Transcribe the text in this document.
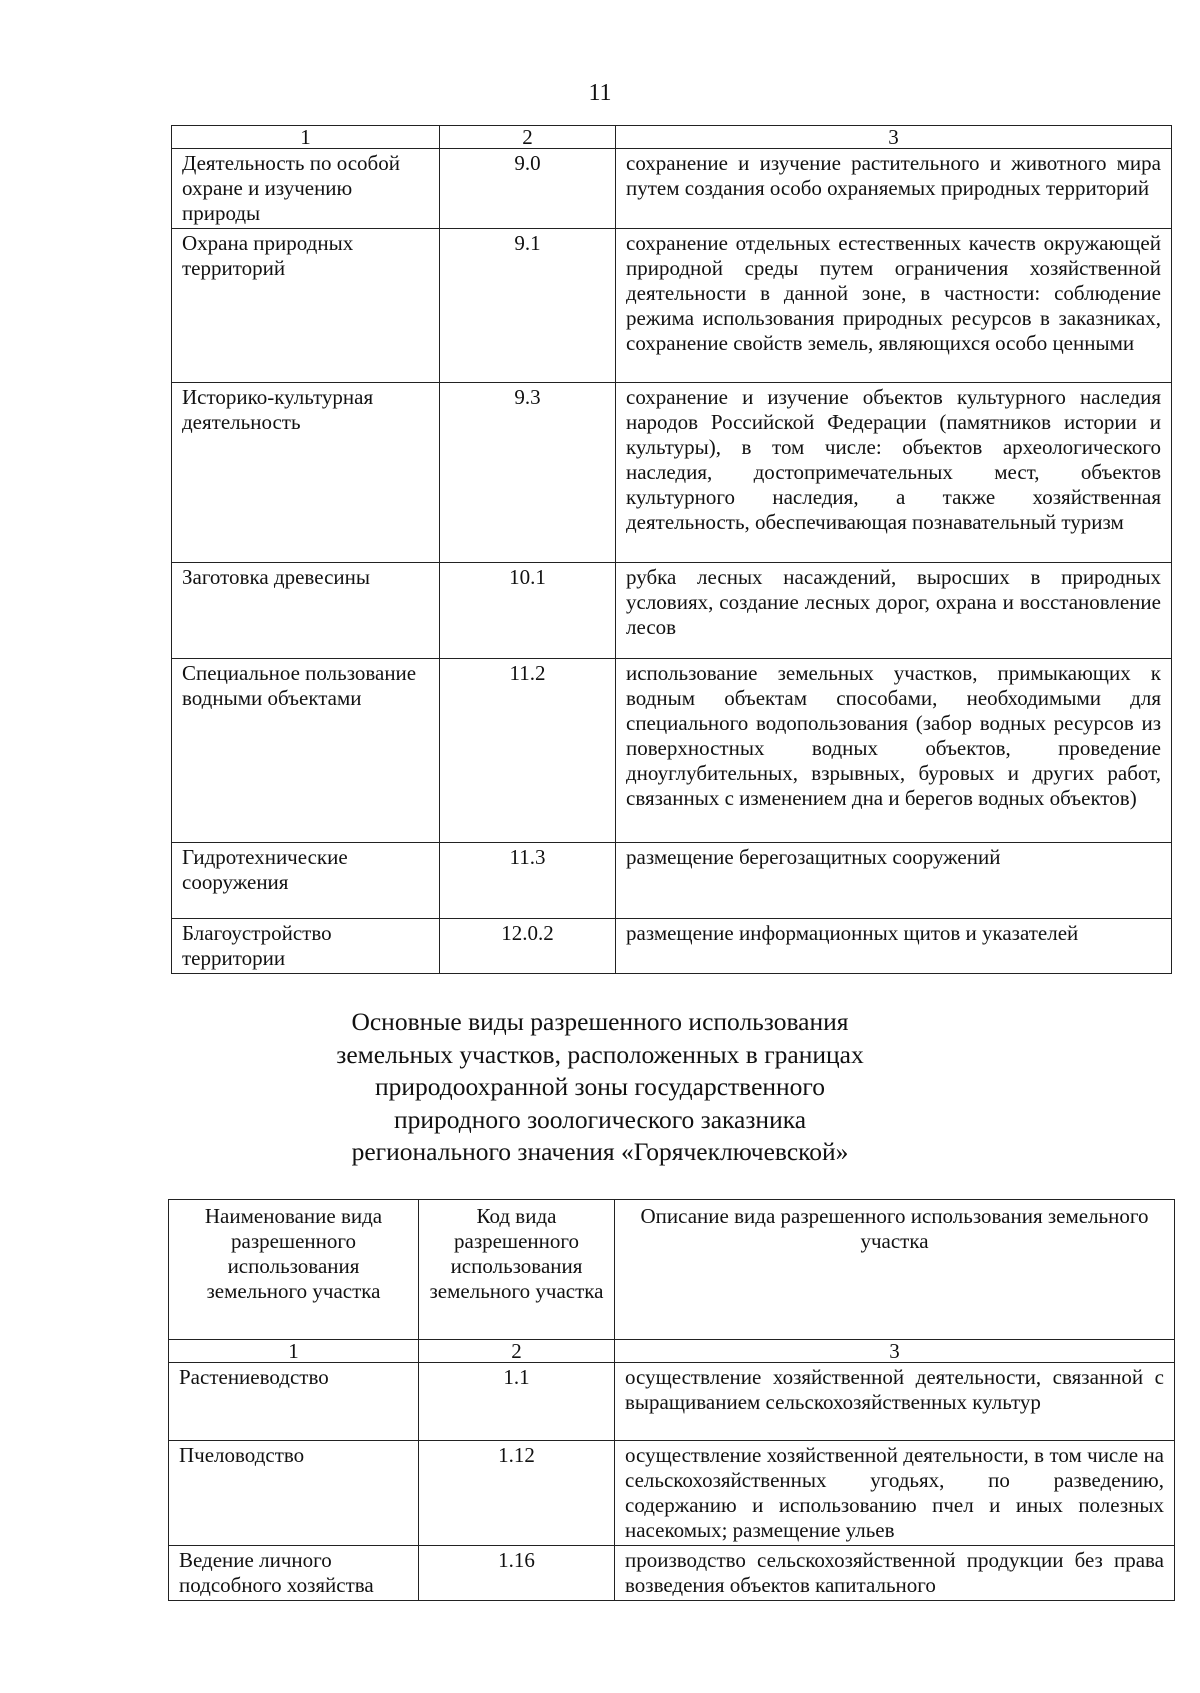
11
1	2	3
Деятельность по особой охране и изучению природы	9.0	сохранение и изучение растительного и животного мира путем создания особо охраняемых природных территорий
Охрана природных территорий	9.1	сохранение отдельных естественных качеств окружающей природной среды путем ограничения хозяйственной деятельности в данной зоне, в частности: соблюдение режима использования природных ресурсов в заказниках, сохранение свойств земель, являющихся особо ценными
Историко-культурная деятельность	9.3	сохранение и изучение объектов культурного наследия народов Российской Федерации (памятников истории и культуры), в том числе: объектов археологического наследия, достопримечательных мест, объектов культурного наследия, а также хозяйственная деятельность, обеспечивающая познавательный туризм
Заготовка древесины	10.1	рубка лесных насаждений, выросших в природных условиях, создание лесных дорог, охрана и восстановление лесов
Специальное пользование водными объектами	11.2	использование земельных участков, примыкающих к водным объектам способами, необходимыми для специального водопользования (забор водных ресурсов из поверхностных водных объектов, проведение дноуглубительных, взрывных, буровых и других работ, связанных с изменением дна и берегов водных объектов)
Гидротехнические сооружения	11.3	размещение берегозащитных сооружений
Благоустройство территории	12.0.2	размещение информационных щитов и указателей
Основные виды разрешенного использования
земельных участков, расположенных в границах
природоохранной зоны государственного
природного зоологического заказника
регионального значения «Горячеключевской»
Наименование вида разрешенного использования земельного участка	Код вида разрешенного использования земельного участка	Описание вида разрешенного использования земельного участка
1	2	3
Растениеводство	1.1	осуществление хозяйственной деятельности, связанной с выращиванием сельскохозяйственных культур
Пчеловодство	1.12	осуществление хозяйственной деятельности, в том числе на сельскохозяйственных угодьях, по разведению, содержанию и использованию пчел и иных полезных насекомых; размещение ульев
Ведение личного подсобного хозяйства	1.16	производство сельскохозяйственной продукции без права возведения объектов капитального
